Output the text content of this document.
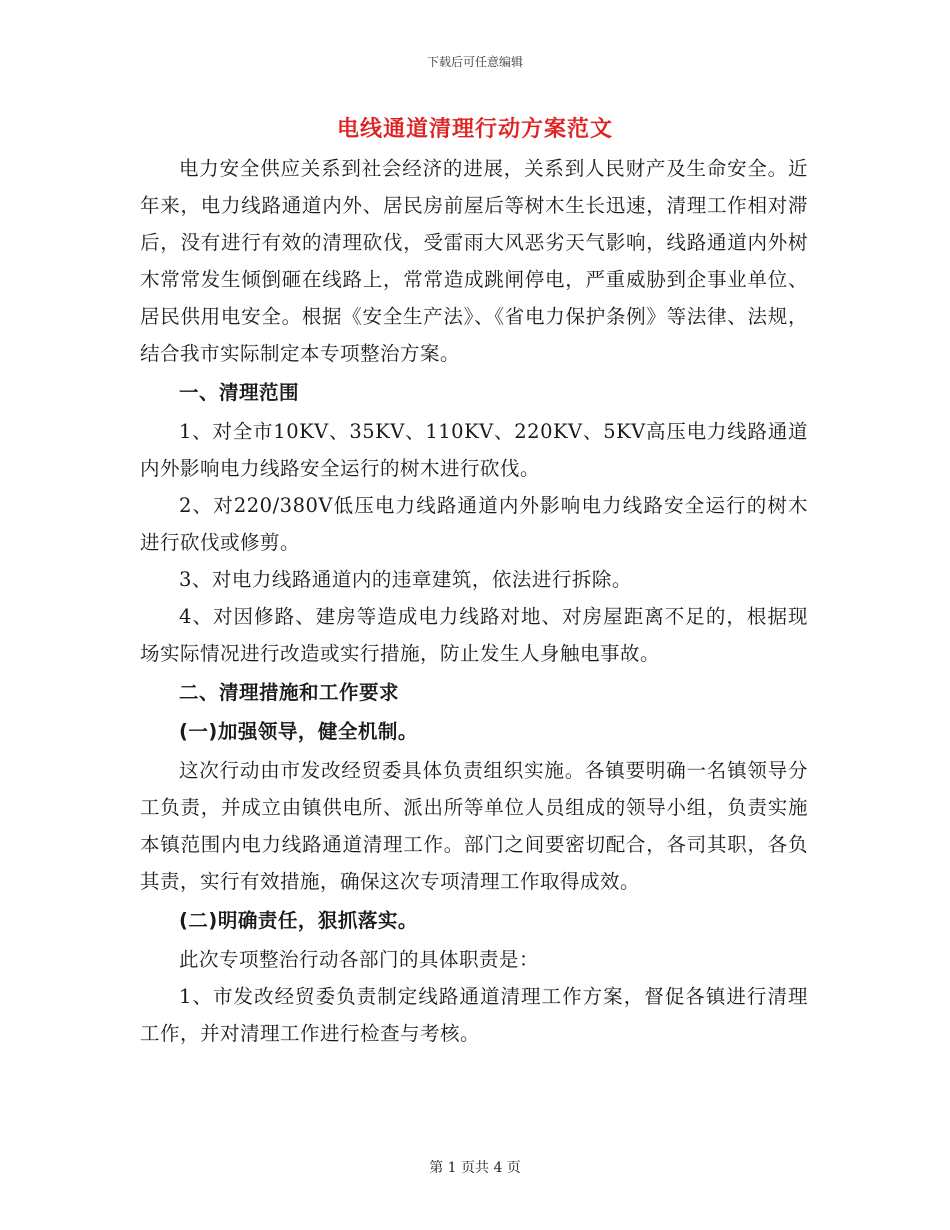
下载后可任意编辑
电线通道清理行动方案范文

电力安全供应关系到社会经济的进展，关系到人民财产及生命安全。近年来，电力线路通道内外、居民房前屋后等树木生长迅速，清理工作相对滞后，没有进行有效的清理砍伐，受雷雨大风恶劣天气影响，线路通道内外树木常常发生倾倒砸在线路上，常常造成跳闸停电，严重威胁到企事业单位、居民供用电安全。根据《安全生产法》、《省电力保护条例》等法律、法规，结合我市实际制定本专项整治方案。

一、清理范围

1、对全市10KV、35KV、110KV、220KV、5KV高压电力线路通道内外影响电力线路安全运行的树木进行砍伐。

2、对220/380V低压电力线路通道内外影响电力线路安全运行的树木进行砍伐或修剪。

3、对电力线路通道内的违章建筑，依法进行拆除。

4、对因修路、建房等造成电力线路对地、对房屋距离不足的，根据现场实际情况进行改造或实行措施，防止发生人身触电事故。

二、清理措施和工作要求

(一)加强领导，健全机制。

这次行动由市发改经贸委具体负责组织实施。各镇要明确一名镇领导分工负责，并成立由镇供电所、派出所等单位人员组成的领导小组，负责实施本镇范围内电力线路通道清理工作。部门之间要密切配合，各司其职，各负其责，实行有效措施，确保这次专项清理工作取得成效。

(二)明确责任，狠抓落实。

此次专项整治行动各部门的具体职责是：

1、市发改经贸委负责制定线路通道清理工作方案，督促各镇进行清理工作，并对清理工作进行检查与考核。

第 1 页共 4 页
